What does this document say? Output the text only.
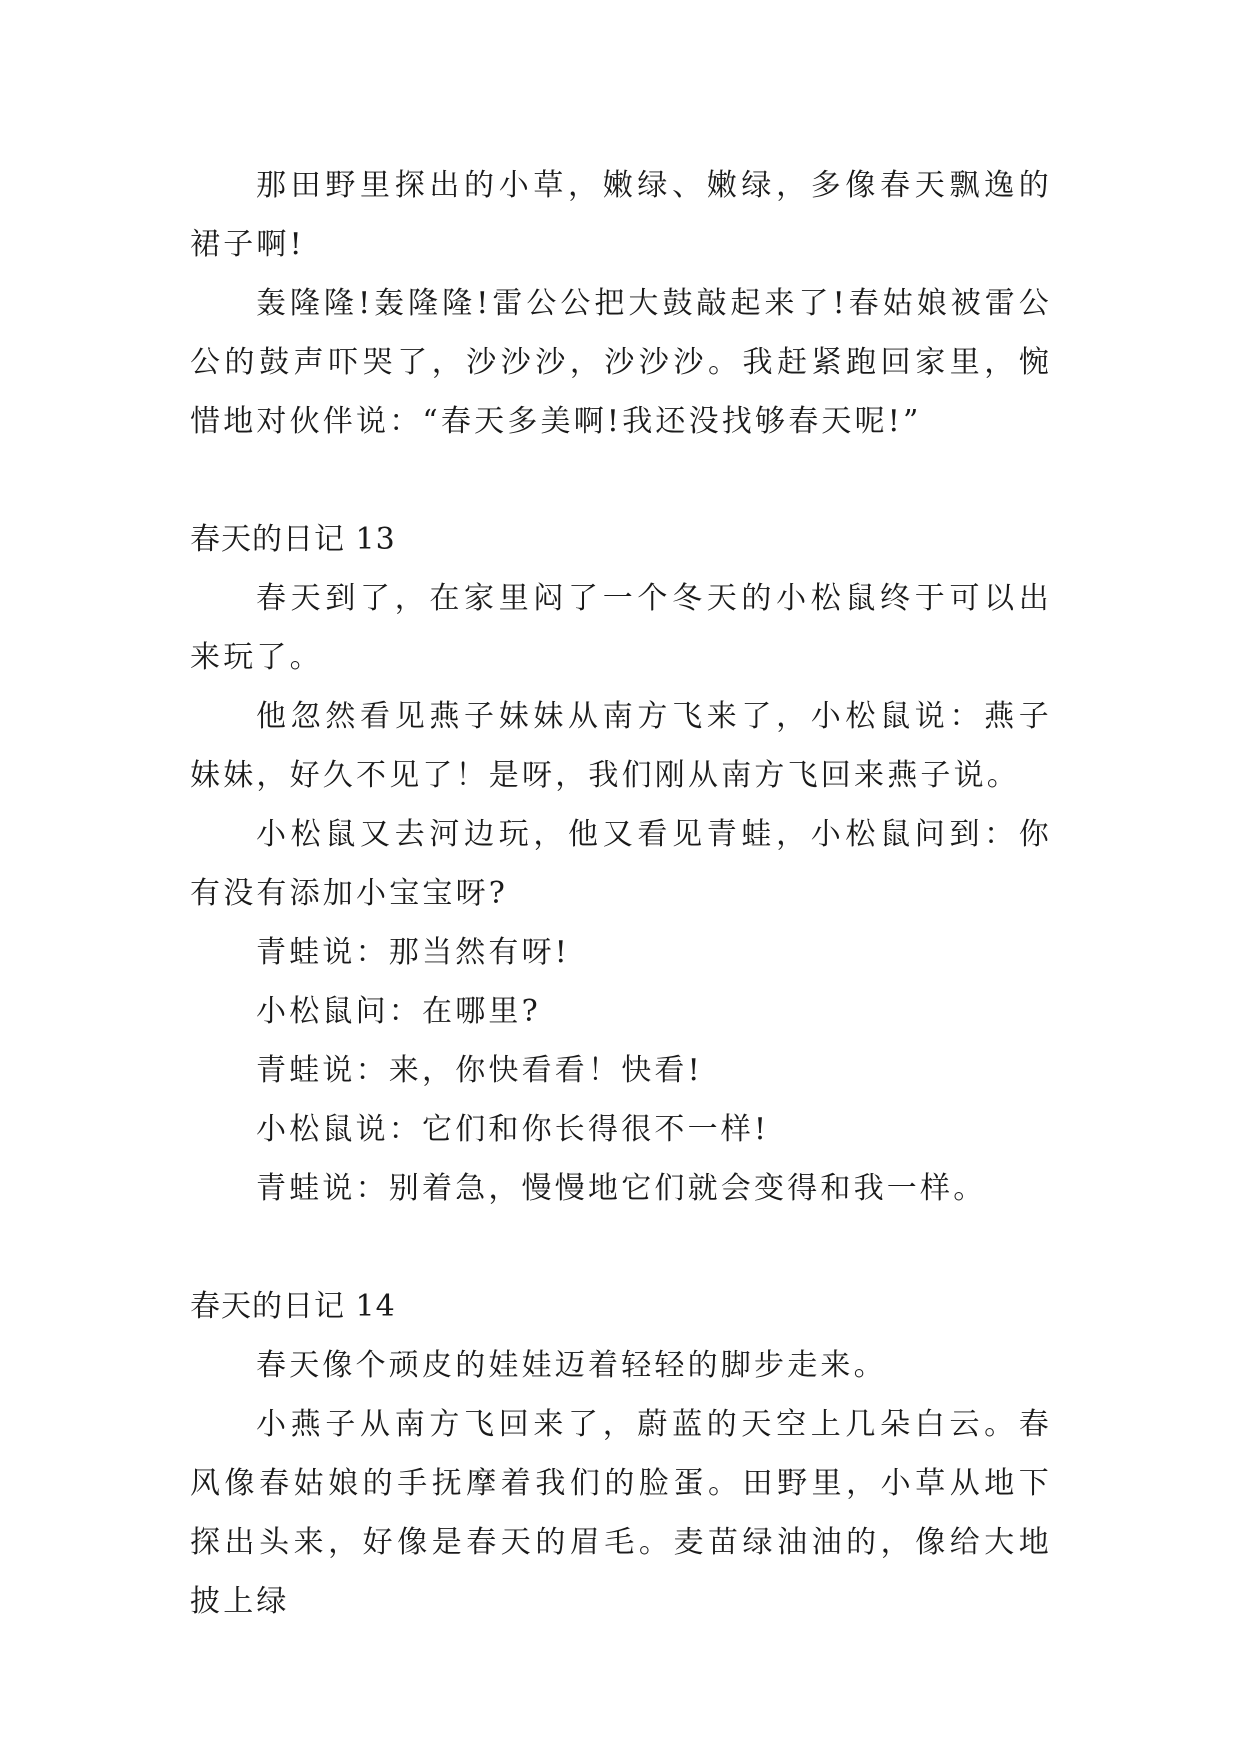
那田野里探出的小草，嫩绿、嫩绿，多像春天飘逸的裙子啊!

轰隆隆!轰隆隆!雷公公把大鼓敲起来了!春姑娘被雷公公的鼓声吓哭了，沙沙沙，沙沙沙。我赶紧跑回家里，惋惜地对伙伴说：“春天多美啊!我还没找够春天呢!”

春天的日记 13

春天到了，在家里闷了一个冬天的小松鼠终于可以出来玩了。

他忽然看见燕子妹妹从南方飞来了，小松鼠说：燕子妹妹，好久不见了！是呀，我们刚从南方飞回来燕子说。

小松鼠又去河边玩，他又看见青蛙，小松鼠问到：你有没有添加小宝宝呀?

青蛙说：那当然有呀!

小松鼠问：在哪里?

青蛙说：来，你快看看！快看!

小松鼠说：它们和你长得很不一样!

青蛙说：别着急，慢慢地它们就会变得和我一样。

春天的日记 14

春天像个顽皮的娃娃迈着轻轻的脚步走来。

小燕子从南方飞回来了，蔚蓝的天空上几朵白云。春风像春姑娘的手抚摩着我们的脸蛋。田野里，小草从地下探出头来，好像是春天的眉毛。麦苗绿油油的，像给大地披上绿
